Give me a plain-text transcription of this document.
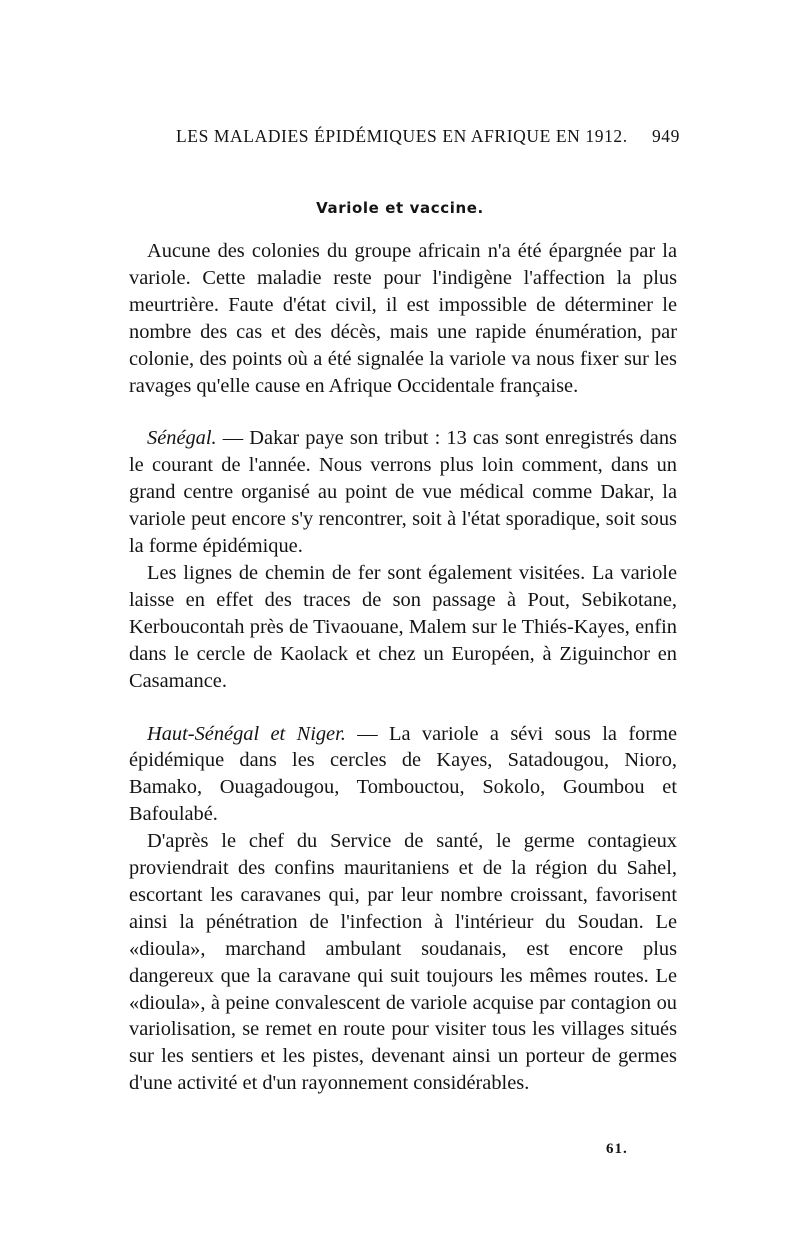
LES MALADIES ÉPIDÉMIQUES EN AFRIQUE EN 1912. 949
Variole et vaccine.

Aucune des colonies du groupe africain n'a été épargnée par la variole. Cette maladie reste pour l'indigène l'affection la plus meurtrière. Faute d'état civil, il est impossible de déterminer le nombre des cas et des décès, mais une rapide énumération, par colonie, des points où a été signalée la variole va nous fixer sur les ravages qu'elle cause en Afrique Occidentale française.

Sénégal. — Dakar paye son tribut : 13 cas sont enregistrés dans le courant de l'année. Nous verrons plus loin comment, dans un grand centre organisé au point de vue médical comme Dakar, la variole peut encore s'y rencontrer, soit à l'état sporadique, soit sous la forme épidémique.

Les lignes de chemin de fer sont également visitées. La variole laisse en effet des traces de son passage à Pout, Sebikotane, Kerboucontah près de Tivaouane, Malem sur le Thiés-Kayes, enfin dans le cercle de Kaolack et chez un Européen, à Ziguinchor en Casamance.

Haut-Sénégal et Niger. — La variole a sévi sous la forme épidémique dans les cercles de Kayes, Satadougou, Nioro, Bamako, Ouagadougou, Tombouctou, Sokolo, Goumbou et Bafoulabé.

D'après le chef du Service de santé, le germe contagieux proviendrait des confins mauritaniens et de la région du Sahel, escortant les caravanes qui, par leur nombre croissant, favorisent ainsi la pénétration de l'infection à l'intérieur du Soudan. Le «dioula», marchand ambulant soudanais, est encore plus dangereux que la caravane qui suit toujours les mêmes routes. Le «dioula», à peine convalescent de variole acquise par contagion ou variolisation, se remet en route pour visiter tous les villages situés sur les sentiers et les pistes, devenant ainsi un porteur de germes d'une activité et d'un rayonnement considérables.

61.
